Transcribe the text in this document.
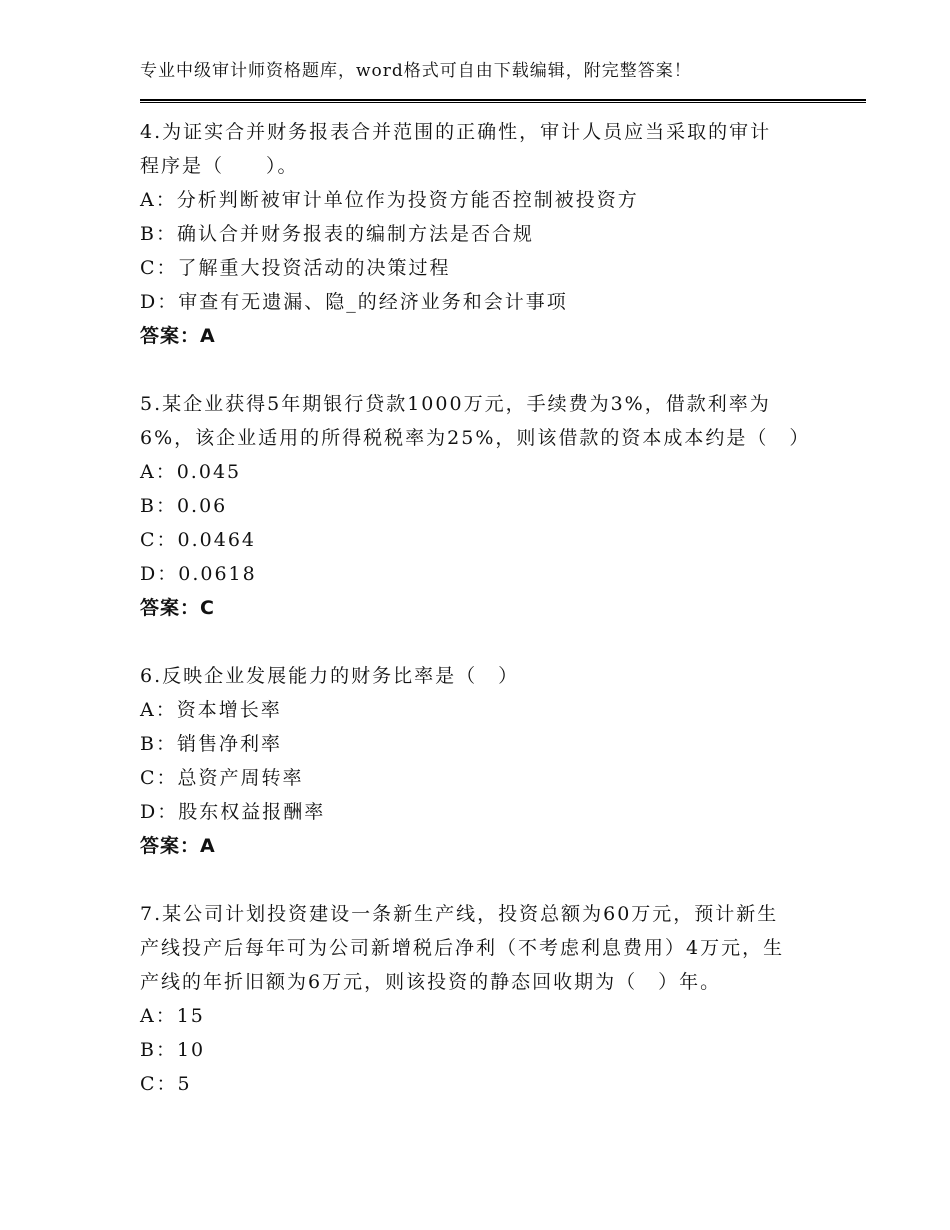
专业中级审计师资格题库，word格式可自由下载编辑，附完整答案！
4.为证实合并财务报表合并范围的正确性，审计人员应当采取的审计
程序是（　　）。
A：分析判断被审计单位作为投资方能否控制被投资方
B：确认合并财务报表的编制方法是否合规
C：了解重大投资活动的决策过程
D：审查有无遗漏、隐_的经济业务和会计事项
答案：A
5.某企业获得5年期银行贷款1000万元，手续费为3%，借款利率为
6%，该企业适用的所得税税率为25%，则该借款的资本成本约是（　）
A：0.045
B：0.06
C：0.0464
D：0.0618
答案：C
6.反映企业发展能力的财务比率是（　）
A：资本增长率
B：销售净利率
C：总资产周转率
D：股东权益报酬率
答案：A
7.某公司计划投资建设一条新生产线，投资总额为60万元，预计新生
产线投产后每年可为公司新增税后净利（不考虑利息费用）4万元，生
产线的年折旧额为6万元，则该投资的静态回收期为（　）年。
A：15
B：10
C：5
